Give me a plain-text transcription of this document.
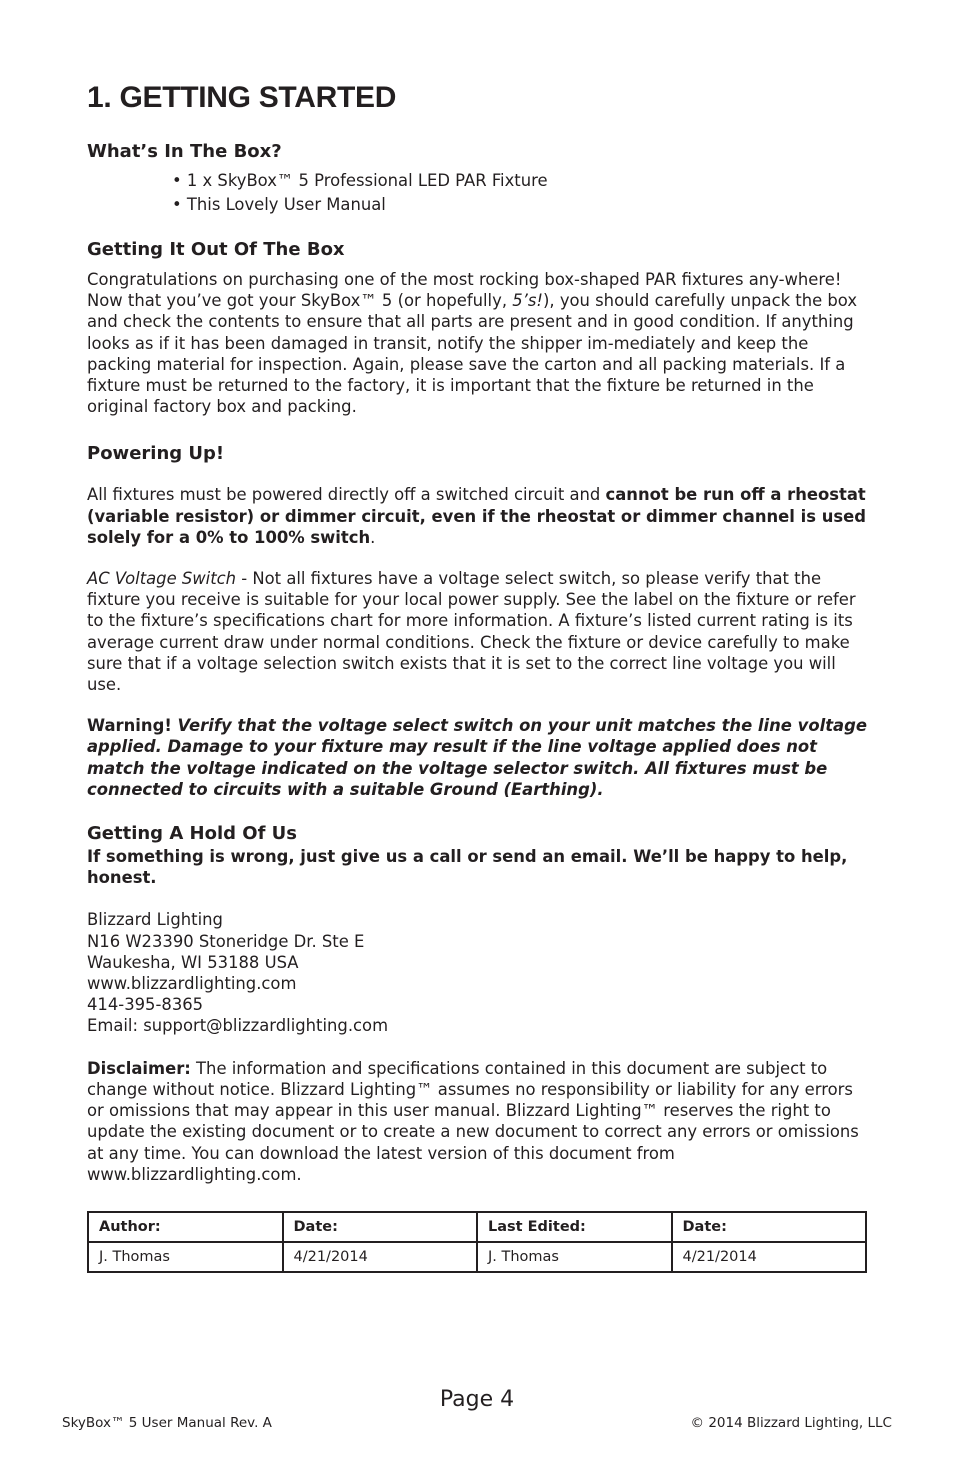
1. GETTING STARTED
What’s In The Box?
• 1 x SkyBox™ 5 Professional LED PAR Fixture
• This Lovely User Manual
Getting It Out Of The Box

Congratulations on purchasing one of the most rocking box-shaped PAR fixtures any-where! Now that you’ve got your SkyBox™ 5 (or hopefully, 5’s!), you should carefully unpack the box and check the contents to ensure that all parts are present and in good condition. If anything looks as if it has been damaged in transit, notify the shipper im-mediately and keep the packing material for inspection. Again, please save the carton and all packing materials. If a fixture must be returned to the factory, it is important that the fixture be returned in the original factory box and packing.

Powering Up!

All fixtures must be powered directly off a switched circuit and cannot be run off a rheostat (variable resistor) or dimmer circuit, even if the rheostat or dimmer channel is used solely for a 0% to 100% switch.

AC Voltage Switch - Not all fixtures have a voltage select switch, so please verify that the fixture you receive is suitable for your local power supply. See the label on the fixture or refer to the fixture’s specifications chart for more information. A fixture’s listed current rating is its average current draw under normal conditions. Check the fixture or device carefully to make sure that if a voltage selection switch exists that it is set to the correct line voltage you will use.

Warning! Verify that the voltage select switch on your unit matches the line voltage applied. Damage to your fixture may result if the line voltage applied does not match the voltage indicated on the voltage selector switch. All fixtures must be connected to circuits with a suitable Ground (Earthing).

Getting A Hold Of Us

If something is wrong, just give us a call or send an email. We’ll be happy to help, honest.

Blizzard Lighting

N16 W23390 Stoneridge Dr. Ste E

Waukesha, WI 53188 USA

www.blizzardlighting.com

414-395-8365

Email: support@blizzardlighting.com

Disclaimer: The information and specifications contained in this document are subject to change without notice. Blizzard Lighting™ assumes no responsibility or liability for any errors or omissions that may appear in this user manual. Blizzard Lighting™ reserves the right to update the existing document or to create a new document to correct any errors or omissions at any time. You can download the latest version of this document from www.blizzardlighting.com.

Author:	Date:	Last Edited:	Date:
J. Thomas	4/21/2014	J. Thomas	4/21/2014
Page 4
SkyBox™ 5 User Manual Rev. A	© 2014 Blizzard Lighting, LLC
